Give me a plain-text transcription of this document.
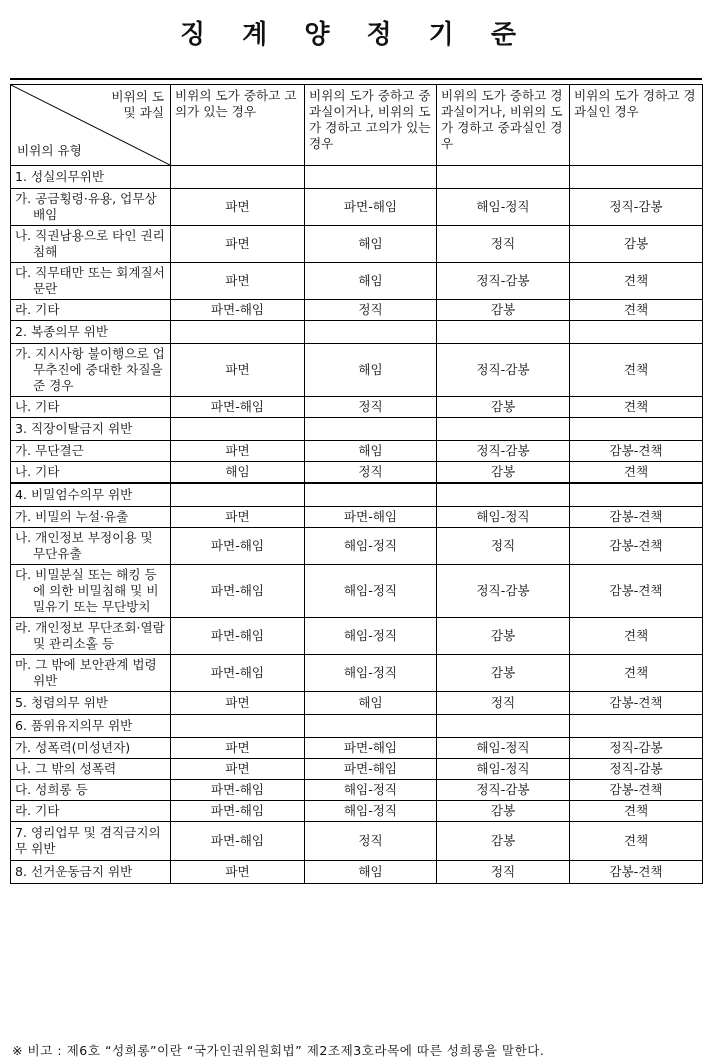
징 계 양 정 기 준
비위의 도
및 과실
비위의 유형	비위의 도가 중하고 고의가 있는 경우	비위의 도가 중하고 중과실이거나, 비위의 도가 경하고 고의가 있는 경우	비위의 도가 중하고 경과실이거나, 비위의 도가 경하고 중과실인 경우	비위의 도가 경하고 경과실인 경우
1. 성실의무위반				

가. 공금횡령·유용, 업무상 배임	파면	파면-해임	해임-정직	정직-감봉

나. 직권남용으로 타인 권리침해	파면	해임	정직	감봉

다. 직무태만 또는 회계질서 문란	파면	해임	정직-감봉	견책

라. 기타	파면-해임	정직	감봉	견책
2. 복종의무 위반				

가. 지시사항 불이행으로 업무추진에 중대한 차질을 준 경우	파면	해임	정직-감봉	견책

나. 기타	파면-해임	정직	감봉	견책
3. 직장이탈금지 위반				

가. 무단결근	파면	해임	정직-감봉	감봉-견책

나. 기타	해임	정직	감봉	견책
4. 비밀엄수의무 위반				

가. 비밀의 누설·유출	파면	파면-해임	해임-정직	감봉-견책

나. 개인정보 부정이용 및 무단유출	파면-해임	해임-정직	정직	감봉-견책

다. 비밀분실 또는 해킹 등에 의한 비밀침해 및 비밀유기 또는 무단방치	파면-해임	해임-정직	정직-감봉	감봉-견책

라. 개인정보 무단조회·열람 및 관리소홀 등	파면-해임	해임-정직	감봉	견책

마. 그 밖에 보안관계 법령위반	파면-해임	해임-정직	감봉	견책
5. 청렴의무 위반	파면	해임	정직	감봉-견책
6. 품위유지의무 위반				

가. 성폭력(미성년자)	파면	파면-해임	해임-정직	정직-감봉

나. 그 밖의 성폭력	파면	파면-해임	해임-정직	정직-감봉

다. 성희롱 등	파면-해임	해임-정직	정직-감봉	감봉-견책

라. 기타	파면-해임	해임-정직	감봉	견책
7. 영리업무 및 겸직금지의무 위반	파면-해임	정직	감봉	견책
8. 선거운동금지 위반	파면	해임	정직	감봉-견책
※ 비고 : 제6호 “성희롱”이란 “국가인권위원회법” 제2조제3호라목에 따른 성희롱을 말한다.
